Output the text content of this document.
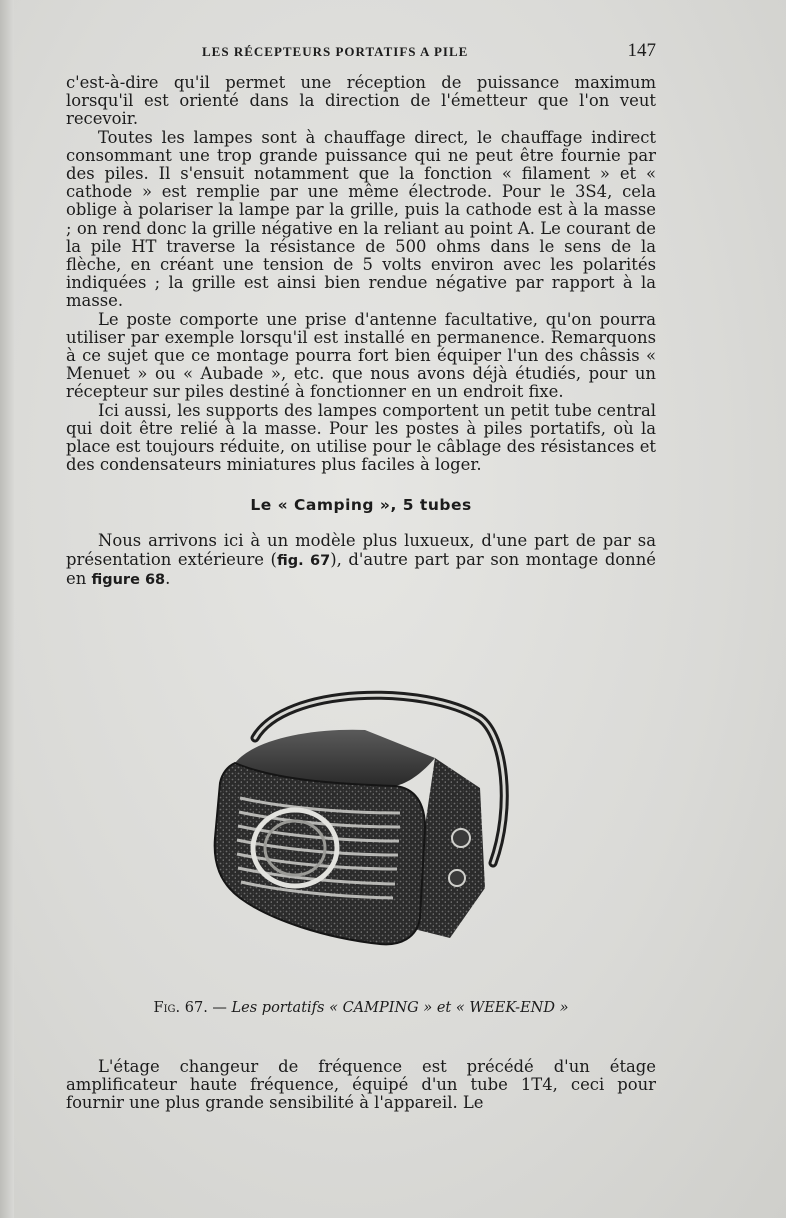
LES RÉCEPTEURS PORTATIFS A PILE	147

c'est-à-dire qu'il permet une réception de puissance maximum lorsqu'il est orienté dans la direction de l'émetteur que l'on veut recevoir.

Toutes les lampes sont à chauffage direct, le chauffage indirect consommant une trop grande puissance qui ne peut être fournie par des piles. Il s'ensuit notamment que la fonction « filament » et « cathode » est remplie par une même électrode. Pour le 3S4, cela oblige à polariser la lampe par la grille, puis la cathode est à la masse ; on rend donc la grille négative en la reliant au point A. Le courant de la pile HT traverse la résistance de 500 ohms dans le sens de la flèche, en créant une tension de 5 volts environ avec les polarités indiquées ; la grille est ainsi bien rendue négative par rapport à la masse.

Le poste comporte une prise d'antenne facultative, qu'on pourra utiliser par exemple lorsqu'il est installé en permanence. Remarquons à ce sujet que ce montage pourra fort bien équiper l'un des châssis « Menuet » ou « Aubade », etc. que nous avons déjà étudiés, pour un récepteur sur piles destiné à fonctionner en un endroit fixe.

Ici aussi, les supports des lampes comportent un petit tube central qui doit être relié à la masse. Pour les postes à piles portatifs, où la place est toujours réduite, on utilise pour le câblage des résistances et des condensateurs miniatures plus faciles à loger.

Le « Camping », 5 tubes

Nous arrivons ici à un modèle plus luxueux, d'une part de par sa présentation extérieure (fig. 67), d'autre part par son montage donné en figure 68.

Fig. 67. — Les portatifs « CAMPING » et « WEEK-END »

L'étage changeur de fréquence est précédé d'un étage amplificateur haute fréquence, équipé d'un tube 1T4, ceci pour fournir une plus grande sensibilité à l'appareil. Le
